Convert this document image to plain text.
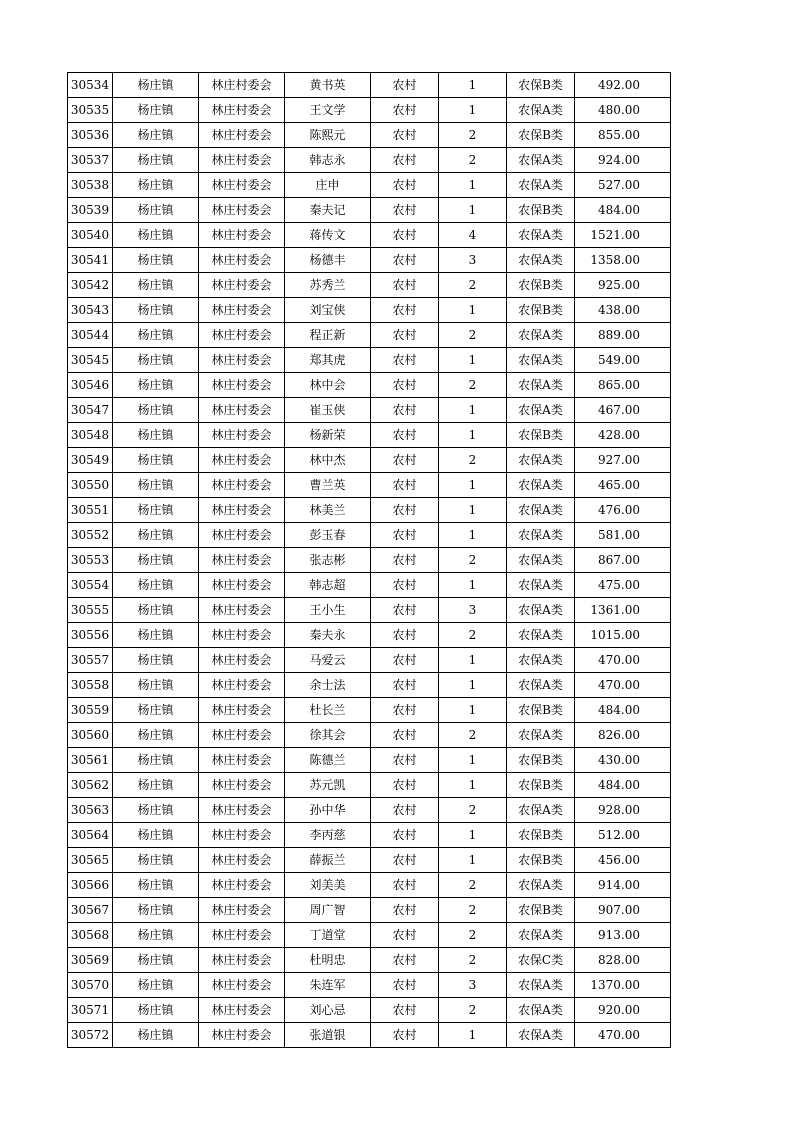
30534	杨庄镇	林庄村委会	黄书英	农村	1	农保B类	492.00
30535	杨庄镇	林庄村委会	王文学	农村	1	农保A类	480.00
30536	杨庄镇	林庄村委会	陈熙元	农村	2	农保B类	855.00
30537	杨庄镇	林庄村委会	韩志永	农村	2	农保A类	924.00
30538	杨庄镇	林庄村委会	庄申	农村	1	农保A类	527.00
30539	杨庄镇	林庄村委会	秦夫记	农村	1	农保B类	484.00
30540	杨庄镇	林庄村委会	蒋传文	农村	4	农保A类	1521.00
30541	杨庄镇	林庄村委会	杨德丰	农村	3	农保A类	1358.00
30542	杨庄镇	林庄村委会	苏秀兰	农村	2	农保B类	925.00
30543	杨庄镇	林庄村委会	刘宝侠	农村	1	农保B类	438.00
30544	杨庄镇	林庄村委会	程正新	农村	2	农保A类	889.00
30545	杨庄镇	林庄村委会	郑其虎	农村	1	农保A类	549.00
30546	杨庄镇	林庄村委会	林中会	农村	2	农保A类	865.00
30547	杨庄镇	林庄村委会	崔玉侠	农村	1	农保A类	467.00
30548	杨庄镇	林庄村委会	杨新荣	农村	1	农保B类	428.00
30549	杨庄镇	林庄村委会	林中杰	农村	2	农保A类	927.00
30550	杨庄镇	林庄村委会	曹兰英	农村	1	农保A类	465.00
30551	杨庄镇	林庄村委会	林美兰	农村	1	农保A类	476.00
30552	杨庄镇	林庄村委会	彭玉春	农村	1	农保A类	581.00
30553	杨庄镇	林庄村委会	张志彬	农村	2	农保A类	867.00
30554	杨庄镇	林庄村委会	韩志超	农村	1	农保A类	475.00
30555	杨庄镇	林庄村委会	王小生	农村	3	农保A类	1361.00
30556	杨庄镇	林庄村委会	秦夫永	农村	2	农保A类	1015.00
30557	杨庄镇	林庄村委会	马爱云	农村	1	农保A类	470.00
30558	杨庄镇	林庄村委会	余士法	农村	1	农保A类	470.00
30559	杨庄镇	林庄村委会	杜长兰	农村	1	农保B类	484.00
30560	杨庄镇	林庄村委会	徐其会	农村	2	农保A类	826.00
30561	杨庄镇	林庄村委会	陈德兰	农村	1	农保B类	430.00
30562	杨庄镇	林庄村委会	苏元凯	农村	1	农保B类	484.00
30563	杨庄镇	林庄村委会	孙中华	农村	2	农保A类	928.00
30564	杨庄镇	林庄村委会	李丙慈	农村	1	农保B类	512.00
30565	杨庄镇	林庄村委会	薛振兰	农村	1	农保B类	456.00
30566	杨庄镇	林庄村委会	刘美美	农村	2	农保A类	914.00
30567	杨庄镇	林庄村委会	周广智	农村	2	农保B类	907.00
30568	杨庄镇	林庄村委会	丁道堂	农村	2	农保A类	913.00
30569	杨庄镇	林庄村委会	杜明忠	农村	2	农保C类	828.00
30570	杨庄镇	林庄村委会	朱连军	农村	3	农保A类	1370.00
30571	杨庄镇	林庄村委会	刘心忌	农村	2	农保A类	920.00
30572	杨庄镇	林庄村委会	张道银	农村	1	农保A类	470.00
